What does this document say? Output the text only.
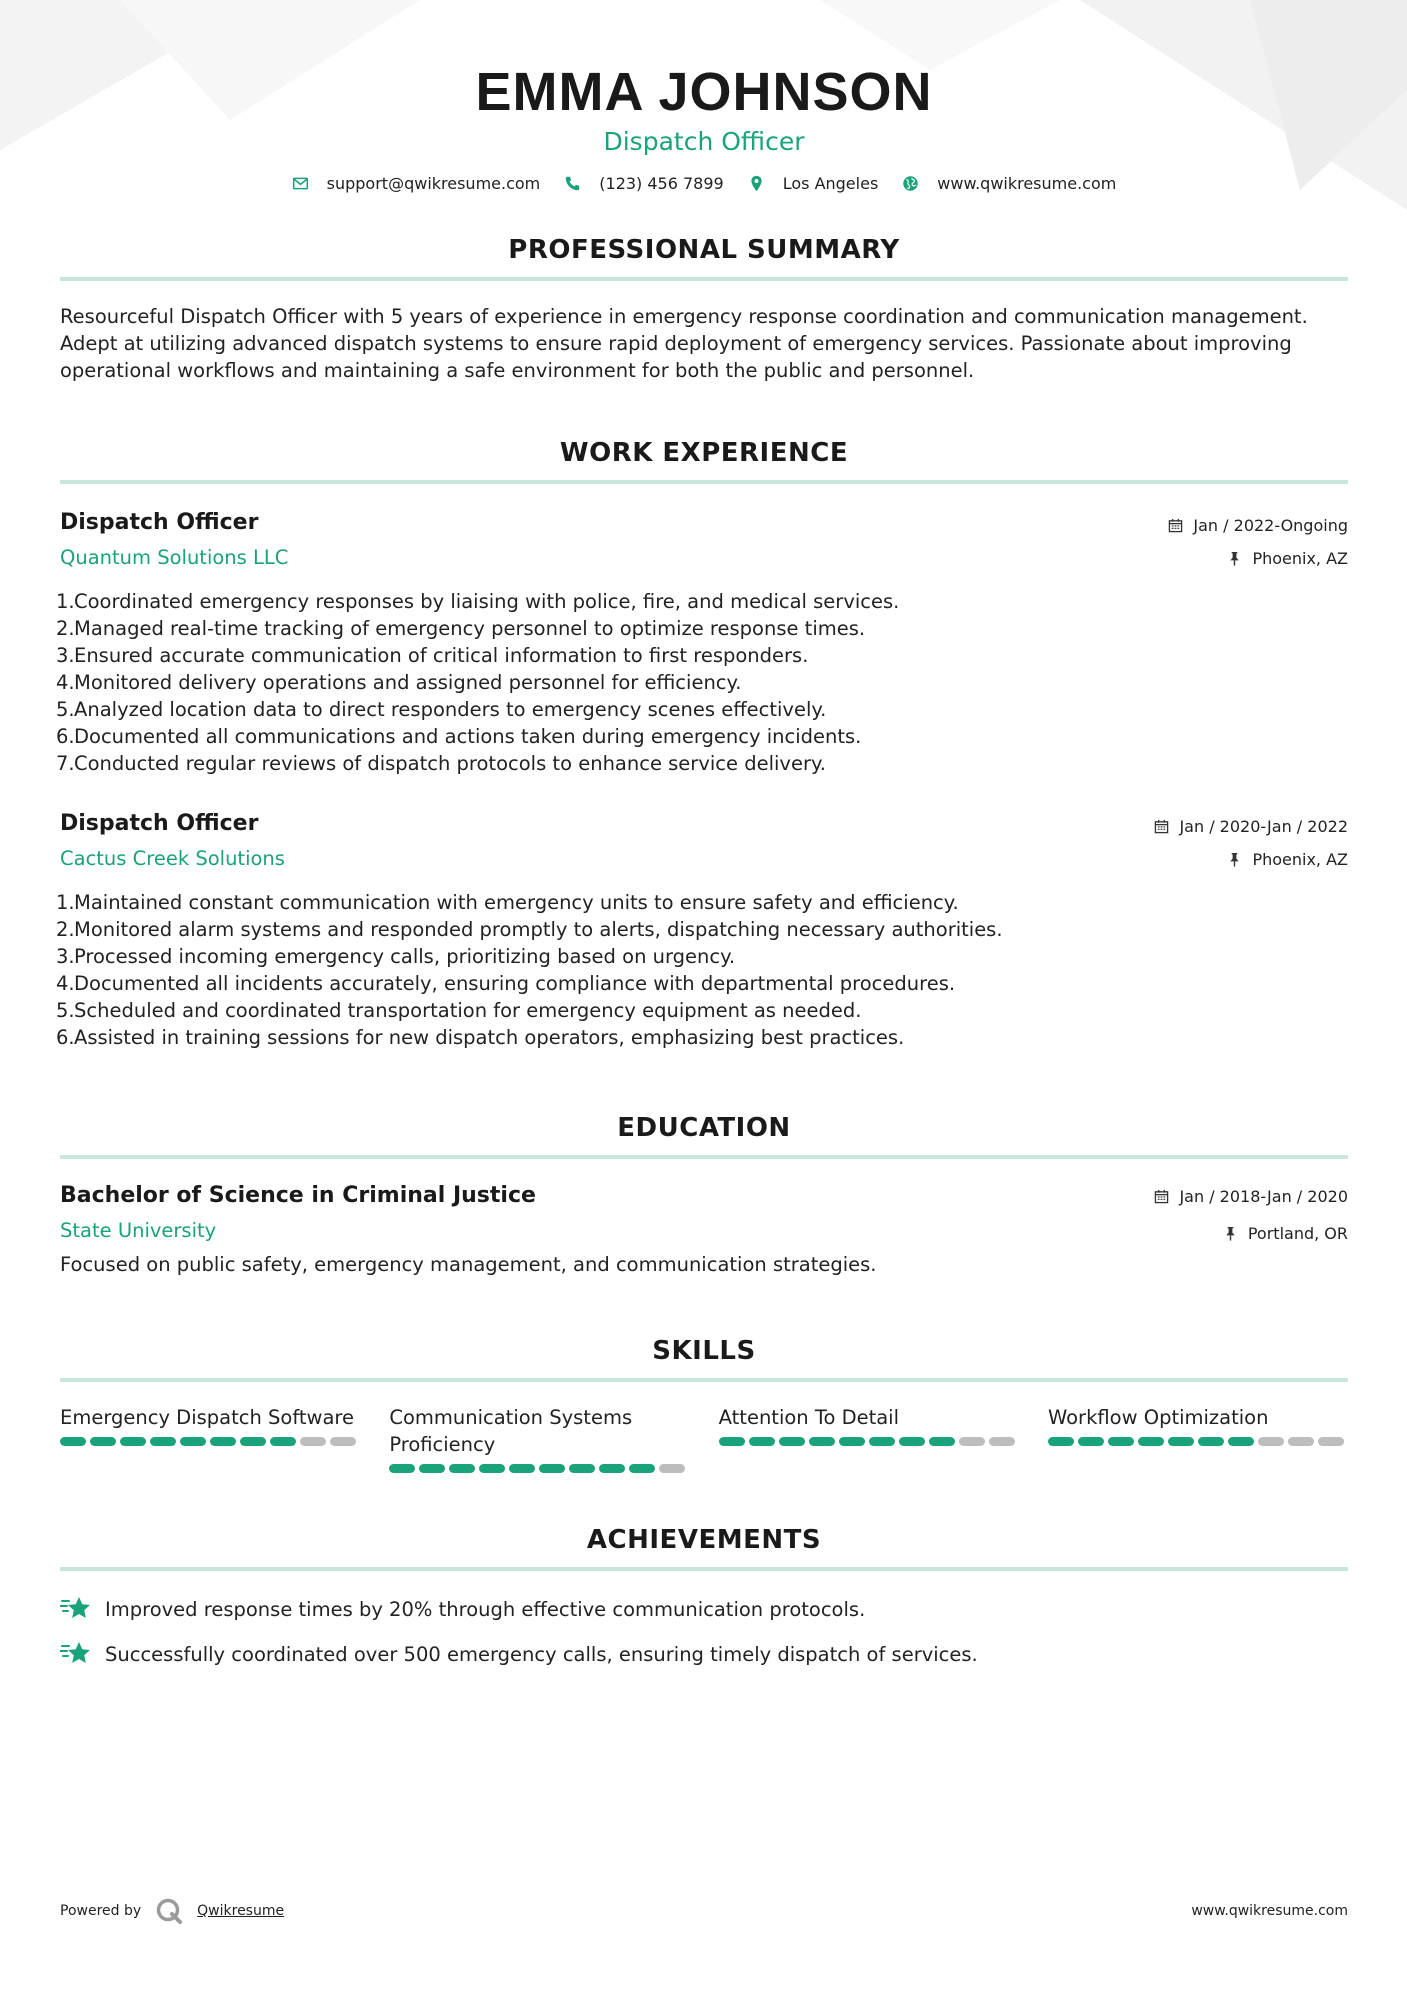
EMMA JOHNSON
Dispatch Officer
support@qwikresume.com	(123) 456 7899	Los Angeles	www.qwikresume.com
PROFESSIONAL SUMMARY

Resourceful Dispatch Officer with 5 years of experience in emergency response coordination and communication management. Adept at utilizing advanced dispatch systems to ensure rapid deployment of emergency services. Passionate about improving operational workflows and maintaining a safe environment for both the public and personnel.

WORK EXPERIENCE
Dispatch Officer
Quantum Solutions LLC
Jan / 2022-Ongoing
Phoenix, AZ
1. Coordinated emergency responses by liaising with police, fire, and medical services.
2. Managed real-time tracking of emergency personnel to optimize response times.
3. Ensured accurate communication of critical information to first responders.
4. Monitored delivery operations and assigned personnel for efficiency.
5. Analyzed location data to direct responders to emergency scenes effectively.
6. Documented all communications and actions taken during emergency incidents.
7. Conducted regular reviews of dispatch protocols to enhance service delivery.
Dispatch Officer
Cactus Creek Solutions
Jan / 2020-Jan / 2022
Phoenix, AZ
1. Maintained constant communication with emergency units to ensure safety and efficiency.
2. Monitored alarm systems and responded promptly to alerts, dispatching necessary authorities.
3. Processed incoming emergency calls, prioritizing based on urgency.
4. Documented all incidents accurately, ensuring compliance with departmental procedures.
5. Scheduled and coordinated transportation for emergency equipment as needed.
6. Assisted in training sessions for new dispatch operators, emphasizing best practices.
EDUCATION
Bachelor of Science in Criminal Justice
State University
Jan / 2018-Jan / 2020
Portland, OR

Focused on public safety, emergency management, and communication strategies.

SKILLS
Emergency Dispatch Software	Communication Systems Proficiency
Attention To Detail	Workflow Optimization
ACHIEVEMENTS
Improved response times by 20% through effective communication protocols.
Successfully coordinated over 500 emergency calls, ensuring timely dispatch of services.
Powered by	Qwikresume	www.qwikresume.com
